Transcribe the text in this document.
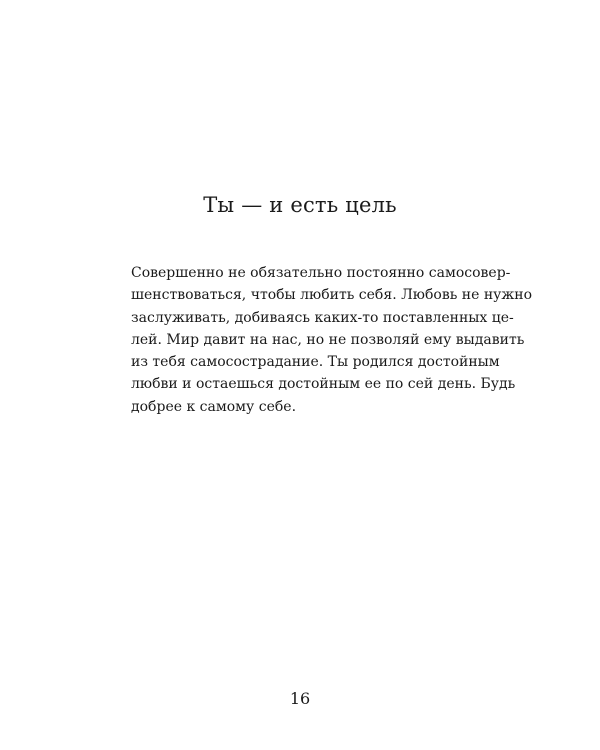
Ты — и есть цель

Совершенно не обязательно постоянно самосовер-
шенствоваться, чтобы любить себя. Любовь не нужно
заслуживать, добиваясь каких-то поставленных це-
лей. Мир давит на нас, но не позволяй ему выдавить
из тебя самосострадание. Ты родился достойным
любви и остаешься достойным ее по сей день. Будь
добрее к самому себе.

16
